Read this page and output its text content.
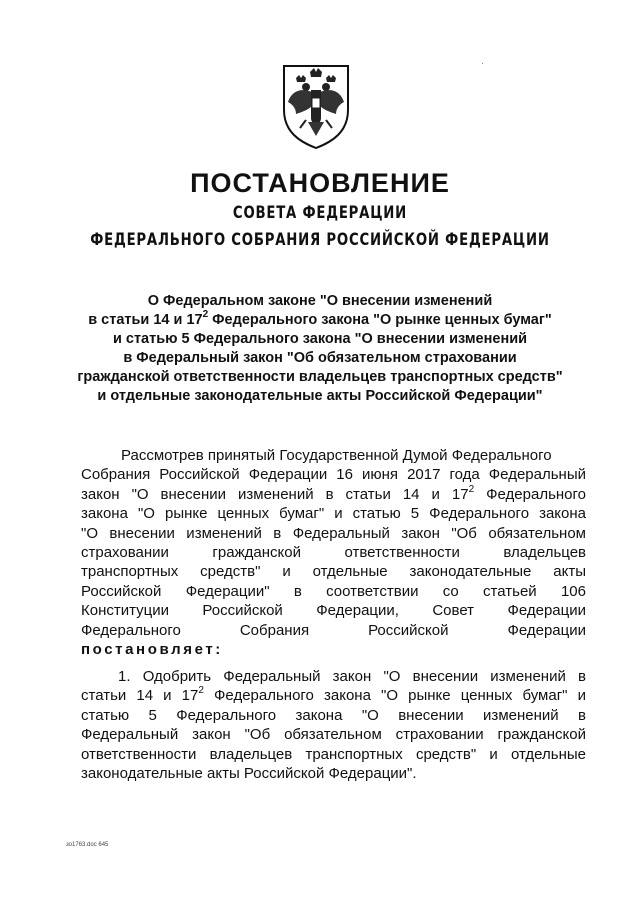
ПОСТАНОВЛЕНИЕ
СОВЕТА ФЕДЕРАЦИИ
ФЕДЕРАЛЬНОГО СОБРАНИЯ РОССИЙСКОЙ ФЕДЕРАЦИИ
О Федеральном законе "О внесении изменений
в статьи 14 и $17^2$ Федерального закона "О рынке ценных бумаг"
и статью 5 Федерального закона "О внесении изменений
в Федеральный закон "Об обязательном страховании
гражданской ответственности владельцев транспортных средств"
и отдельные законодательные акты Российской Федерации"
Рассмотрев принятый Государственной Думой Федерального
Собрания Российской Федерации 16 июня 2017 года Федеральный
закон "О внесении изменений в статьи 14 и $17^2$ Федерального
закона "О рынке ценных бумаг" и статью 5 Федерального закона
"О внесении изменений в Федеральный закон "Об обязательном
страховании гражданской ответственности владельцев
транспортных средств" и отдельные законодательные акты
Российской Федерации" в соответствии со статьей 106
Конституции Российской Федерации, Совет Федерации
Федерального Собрания Российской Федерации
постановляет:
1. Одобрить Федеральный закон "О внесении изменений в
статьи 14 и $17^2$ Федерального закона "О рынке ценных бумаг" и
статью 5 Федерального закона "О внесении изменений в
Федеральный закон "Об обязательном страховании гражданской
ответственности владельцев транспортных средств" и отдельные
законодательные акты Российской Федерации".
зо1763.doc 645
